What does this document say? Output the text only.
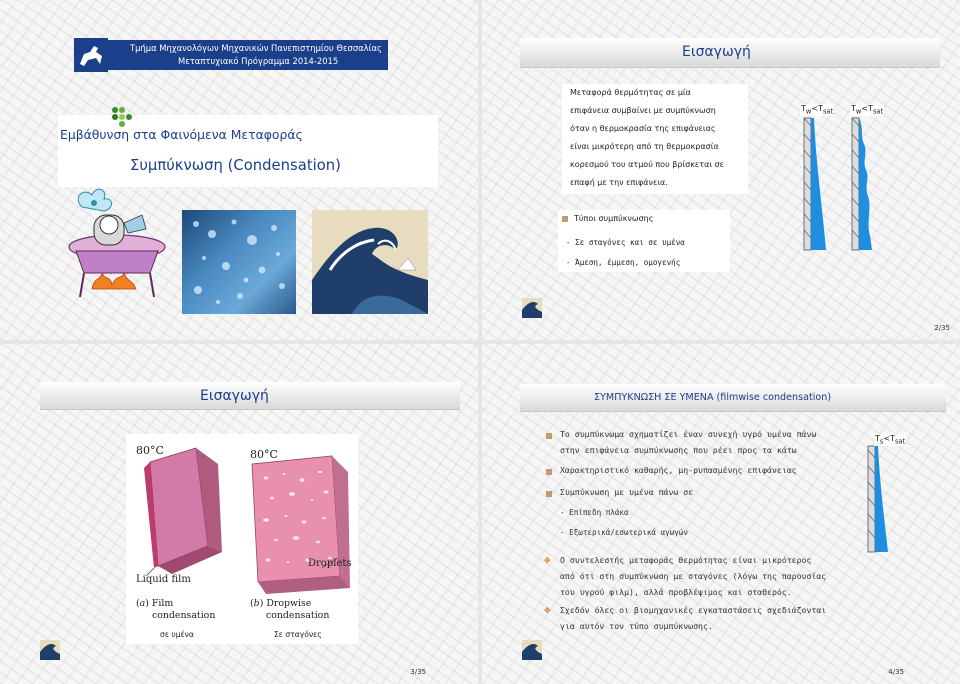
Τμήμα Μηχανολόγων Μηχανικών Πανεπιστημίου Θεσσαλίας
Μεταπτυχιακό Πρόγραμμα 2014-2015
Εμβάθυνση στα Φαινόμενα Μεταφοράς
Συμπύκνωση (Condensation)
Εισαγωγή
Μεταφορά θερμότητας σε μία
επιφάνεια συμβαίνει με συμπύκνωση
όταν η θερμοκρασία της επιφάνειας
είναι μικρότερη από τη θερμοκρασία
κορεσμού του ατμού που βρίσκεται σε
επαφή με την επιφάνεια.
$T_w<T_{sat}$ $T_w<T_{sat}$
Τύποι συμπύκνωσης
- Σε σταγόνες και σε υμένα
- Άμεση, έμμεση, ομογενής
2/35
Εισαγωγή
80°C	80°C
Liquid film
Droplets
(a) Film
condensation
(b) Dropwise
condensation
σε υμένα	Σε σταγόνες
3/35
ΣΥΜΠΥΚΝΩΣΗ ΣΕ ΥΜΕΝΑ (filmwise condensation)
Το συμπύκνωμα σχηματίζει έναν συνεχή υγρό υμένα πάνω
στην επιφάνεια συμπύκνωσης που ρέει προς τα κάτω
Χαρακτηριστικό καθαρής, μη-ρυπασμένης επιφάνειας
Συμπύκνωση με υμένα πάνω σε
- Επίπεδη πλάκα
- Εξωτερικά/εσωτερικά αγωγών
✥ Ο συντελεστής μεταφοράς θερμότητας είναι μικρότερος
από ότι στη συμπύκνωση με σταγόνες (λόγω της παρουσίας
του υγρού φιλμ), αλλά προβλέψιμος και σταθερός.
✥ Σχεδόν όλες οι βιομηχανικές εγκαταστάσεις σχεδιάζονται
για αυτόν τον τύπο συμπύκνωσης.
$T_s<T_{sat}$
4/35
